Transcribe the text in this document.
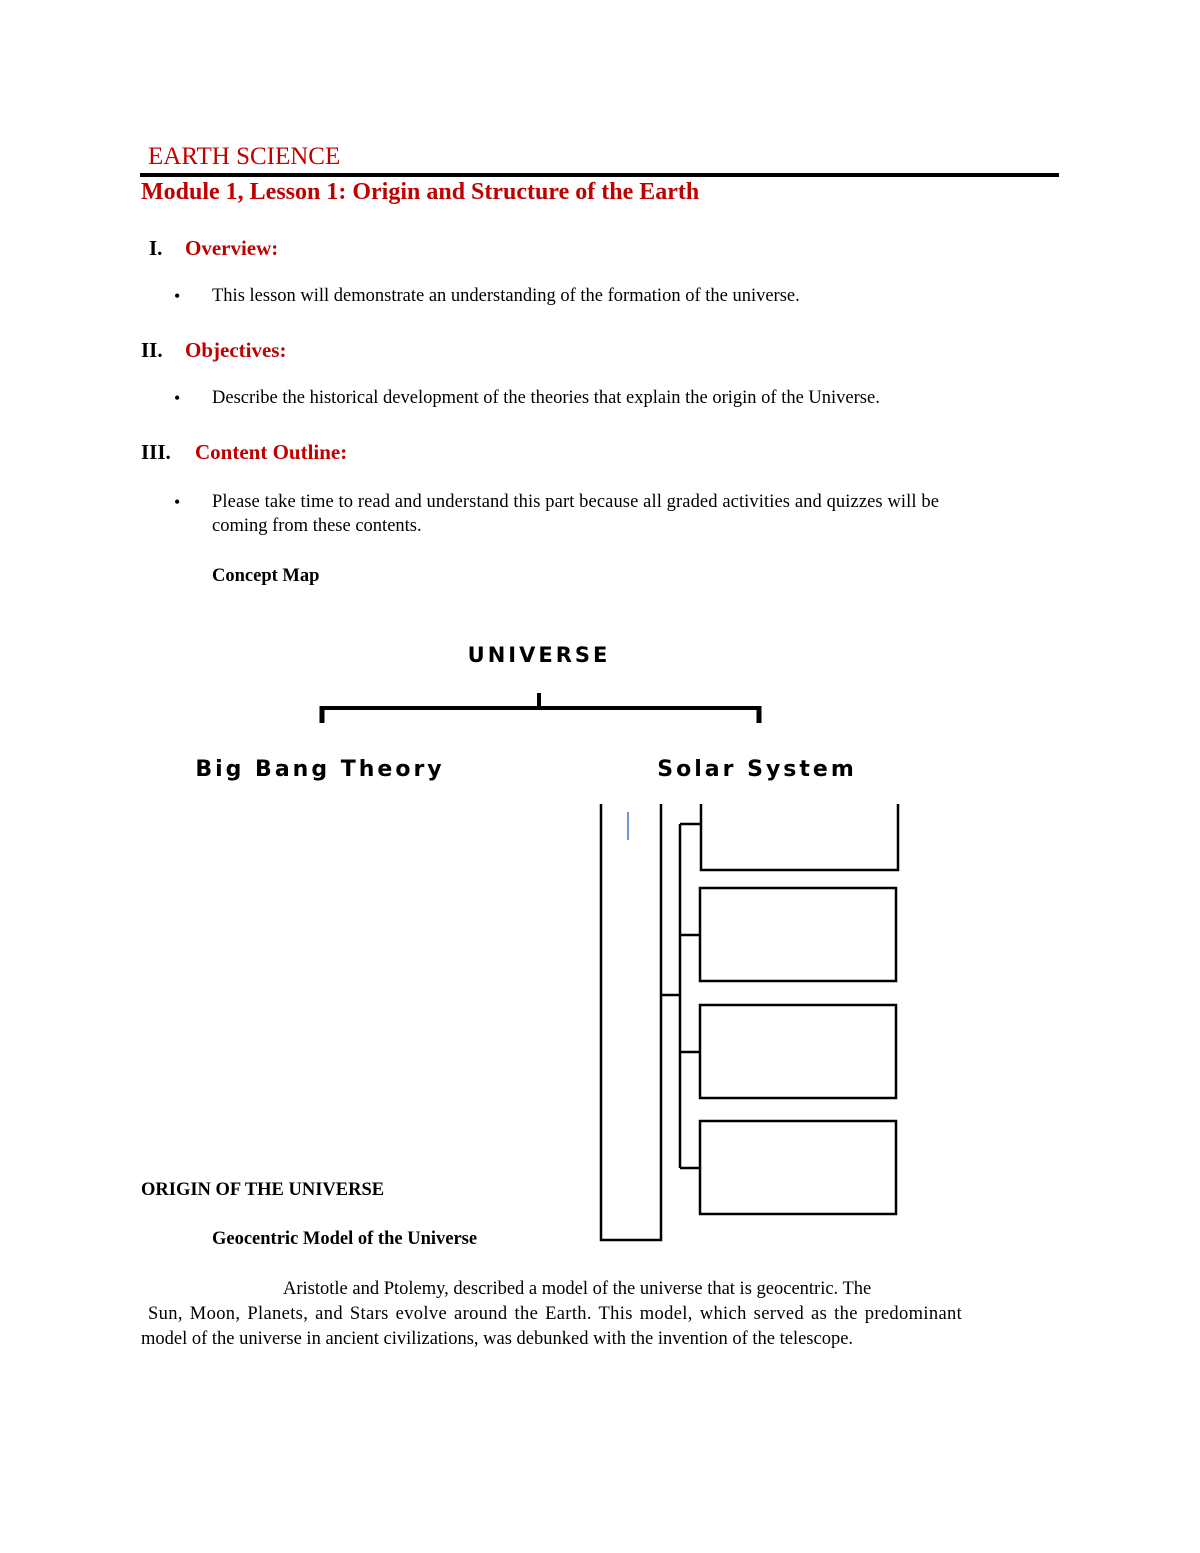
EARTH SCIENCE
Module 1, Lesson 1: Origin and Structure of the Earth
I. Overview:
• This lesson will demonstrate an understanding of the formation of the universe.
II. Objectives:
• Describe the historical development of the theories that explain the origin of the Universe.
III. Content Outline:
• Please take time to read and understand this part because all graded activities and quizzes will be
coming from these contents.
Concept Map
UNIVERSE
Big Bang Theory	Solar System
ORIGIN OF THE UNIVERSE
Geocentric Model of the Universe
Aristotle and Ptolemy, described a model of the universe that is geocentric. The
Sun, Moon, Planets, and Stars evolve around the Earth. This model, which served as the predominant
model of the universe in ancient civilizations, was debunked with the invention of the telescope.
